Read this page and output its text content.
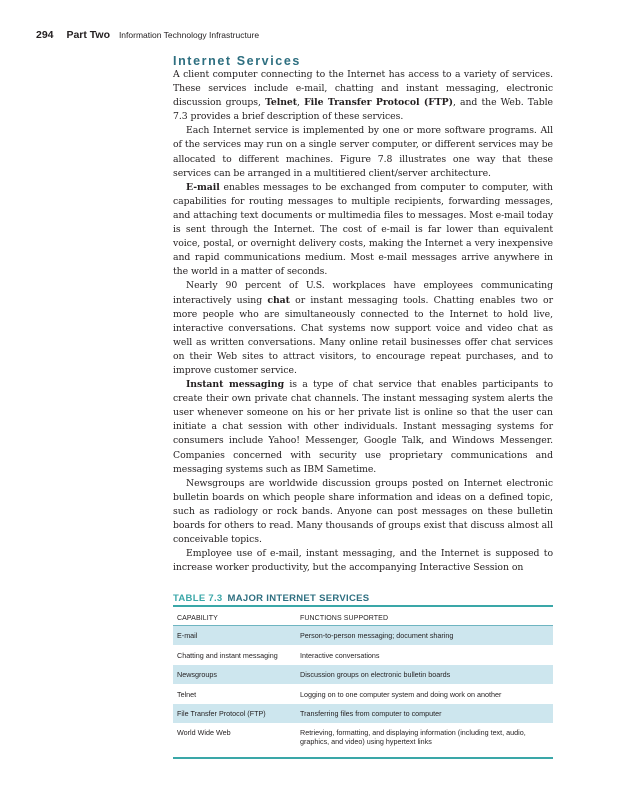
294 Part Two Information Technology Infrastructure
Internet Services

A client computer connecting to the Internet has access to a variety of services. These services include e-mail, chatting and instant messaging, electronic discussion groups, Telnet, File Transfer Protocol (FTP), and the Web. Table 7.3 provides a brief description of these services.

Each Internet service is implemented by one or more software programs. All of the services may run on a single server computer, or different services may be allocated to different machines. Figure 7.8 illustrates one way that these services can be arranged in a multitiered client/server architecture.

E-mail enables messages to be exchanged from computer to computer, with capabilities for routing messages to multiple recipients, forwarding messages, and attaching text documents or multimedia files to messages. Most e-mail today is sent through the Internet. The cost of e-mail is far lower than equivalent voice, postal, or overnight delivery costs, making the Internet a very inexpensive and rapid communications medium. Most e-mail messages arrive anywhere in the world in a matter of seconds.

Nearly 90 percent of U.S. workplaces have employees communicating interactively using chat or instant messaging tools. Chatting enables two or more people who are simultaneously connected to the Internet to hold live, interactive conversations. Chat systems now support voice and video chat as well as written conversations. Many online retail businesses offer chat services on their Web sites to attract visitors, to encourage repeat purchases, and to improve customer service.

Instant messaging is a type of chat service that enables participants to create their own private chat channels. The instant messaging system alerts the user whenever someone on his or her private list is online so that the user can initiate a chat session with other individuals. Instant messaging systems for consumers include Yahoo! Messenger, Google Talk, and Windows Messenger. Companies concerned with security use proprietary communications and messaging systems such as IBM Sametime.

Newsgroups are worldwide discussion groups posted on Internet electronic bulletin boards on which people share information and ideas on a defined topic, such as radiology or rock bands. Anyone can post messages on these bulletin boards for others to read. Many thousands of groups exist that discuss almost all conceivable topics.

Employee use of e-mail, instant messaging, and the Internet is supposed to increase worker productivity, but the accompanying Interactive Session on

TABLE 7.3 MAJOR INTERNET SERVICES
CAPABILITY	FUNCTIONS SUPPORTED
E-mail	Person-to-person messaging; document sharing
Chatting and instant messaging	Interactive conversations
Newsgroups	Discussion groups on electronic bulletin boards
Telnet	Logging on to one computer system and doing work on another
File Transfer Protocol (FTP)	Transferring files from computer to computer
World Wide Web	Retrieving, formatting, and displaying information (including text, audio, graphics, and video) using hypertext links
